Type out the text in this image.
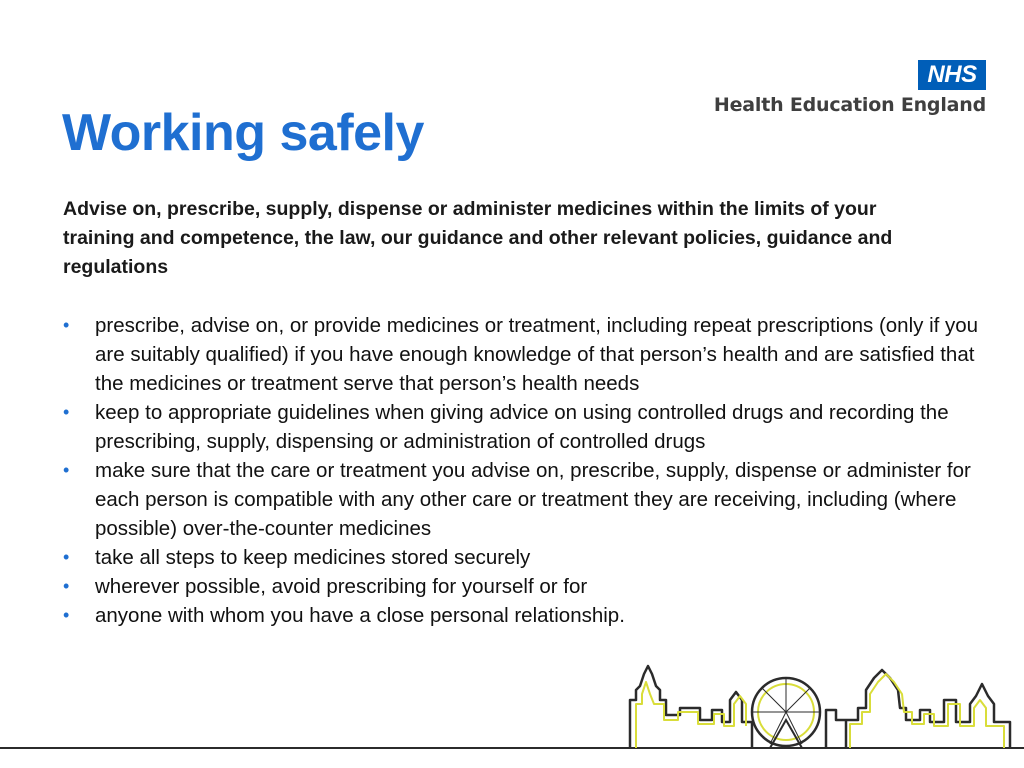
NHS
Health Education England
Working safely

Advise on, prescribe, supply, dispense or administer medicines within the limits of your training and competence, the law, our guidance and other relevant policies, guidance and regulations

• prescribe, advise on, or provide medicines or treatment, including repeat prescriptions (only if you are suitably qualified) if you have enough knowledge of that person’s health and are satisfied that the medicines or treatment serve that person’s health needs
• keep to appropriate guidelines when giving advice on using controlled drugs and recording the prescribing, supply, dispensing or administration of controlled drugs
• make sure that the care or treatment you advise on, prescribe, supply, dispense or administer for each person is compatible with any other care or treatment they are receiving, including (where possible) over-the-counter medicines
• take all steps to keep medicines stored securely
• wherever possible, avoid prescribing for yourself or for
• anyone with whom you have a close personal relationship.
